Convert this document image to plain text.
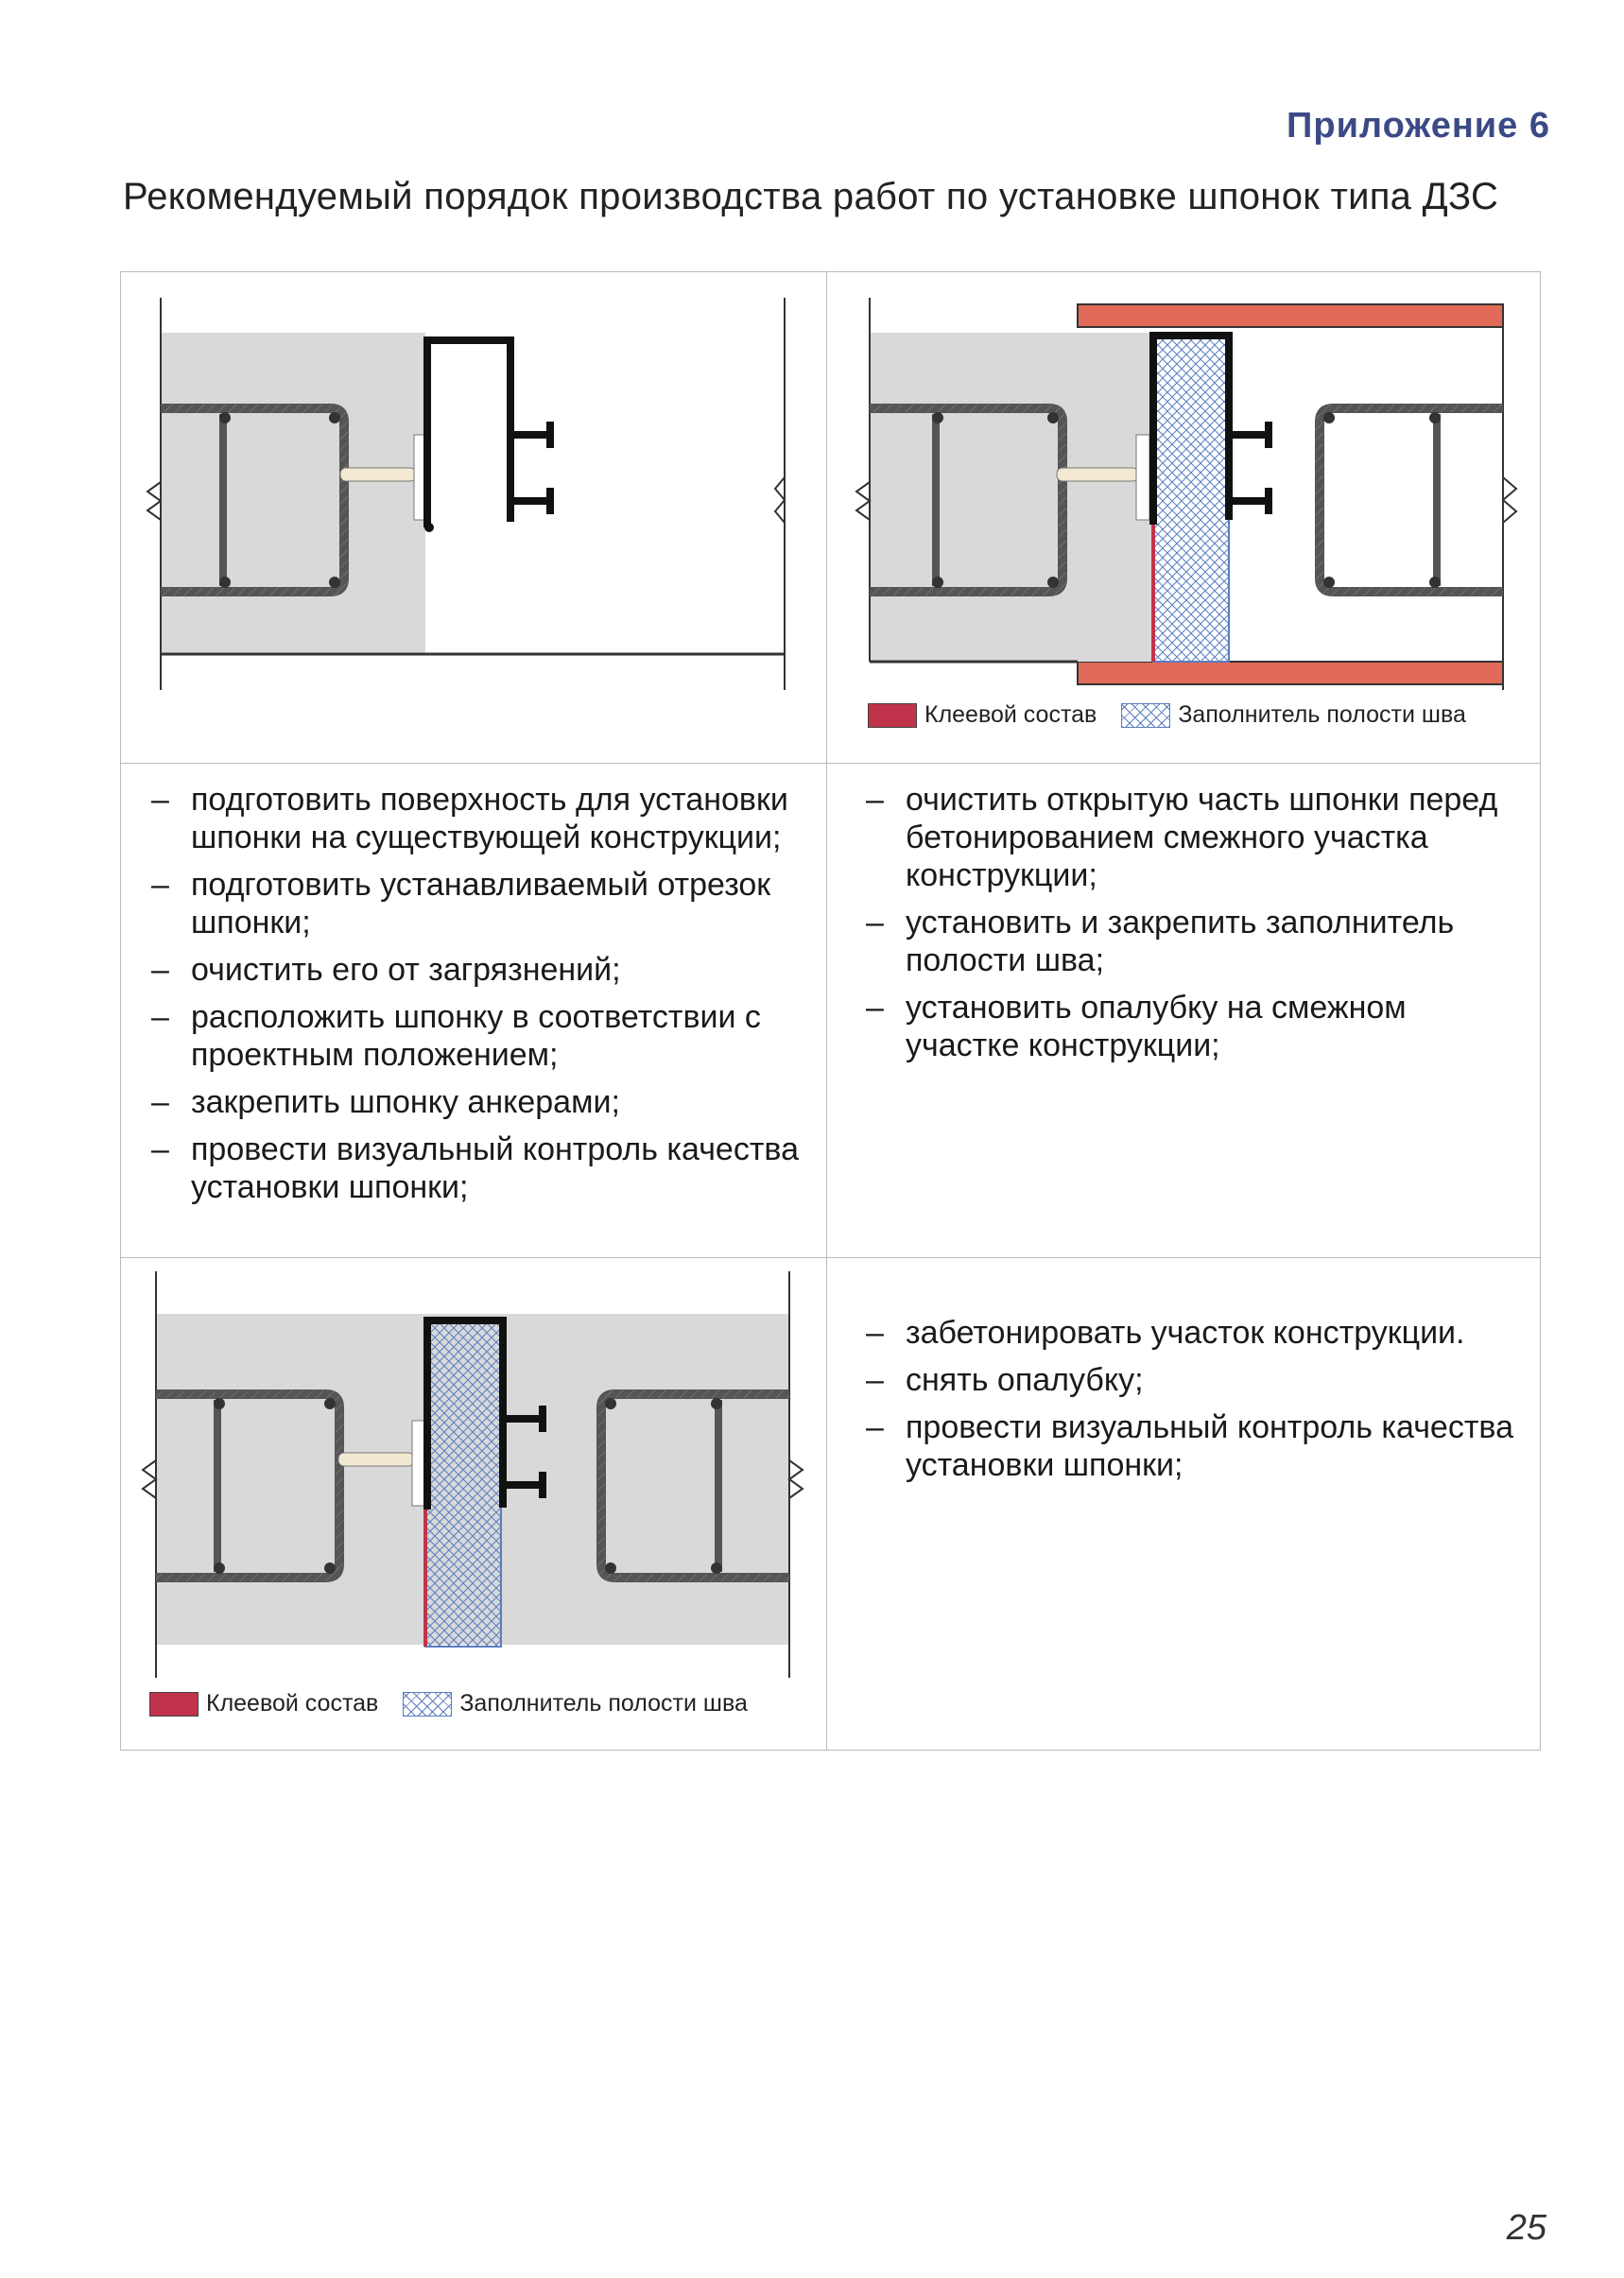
Приложение 6
Рекомендуемый порядок производства работ по установке шпонок типа ДЗС
Клеевой состав	Заполнитель полости шва
– подготовить поверхность для установки шпонки на существующей конструкции;
– подготовить устанавливаемый отрезок шпонки;
– очистить его от загрязнений;
– расположить шпонку в соответствии с проектным положением;
– закрепить шпонку анкерами;
– провести визуальный контроль качества установки шпонки;
– очистить открытую часть шпонки перед бетонированием смежного участка конструкции;
– установить и закрепить заполнитель полости шва;
– установить опалубку на смежном участке конструкции;
Клеевой состав	Заполнитель полости шва
– забетонировать участок конструкции.
– снять опалубку;
– провести визуальный контроль качества установки шпонки;
25
